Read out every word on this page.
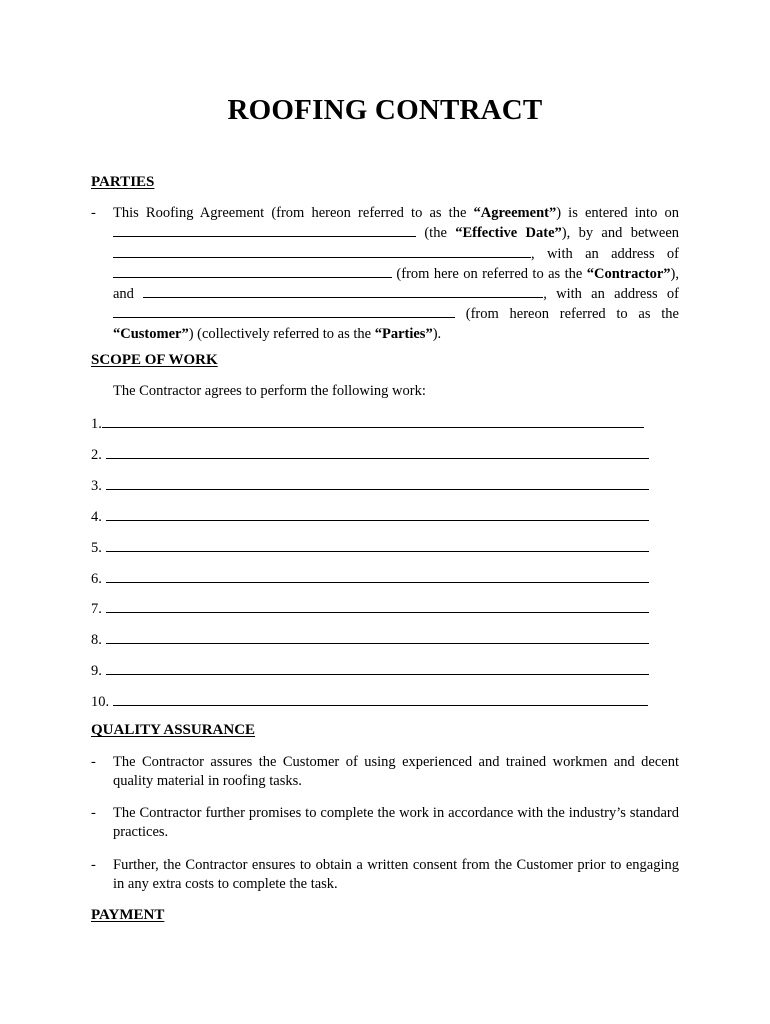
ROOFING CONTRACT
PARTIES
- This Roofing Agreement (from hereon referred to as the “Agreement”) is entered into on  (the “Effective Date”), by and between , with an address of  (from here on referred to as the “Contractor”), and	, with an address of  (from hereon referred to as the “Customer”) (collectively referred to as the “Parties”).
SCOPE OF WORK
The Contractor agrees to perform the following work:
1.
2.
3.
4.
5.
6.
7.
8.
9.
10.
QUALITY ASSURANCE
- The Contractor assures the Customer of using experienced and trained workmen and decent quality material in roofing tasks.
- The Contractor further promises to complete the work in accordance with the industry’s standard practices.
- Further, the Contractor ensures to obtain a written consent from the Customer prior to engaging in any extra costs to complete the task.
PAYMENT
